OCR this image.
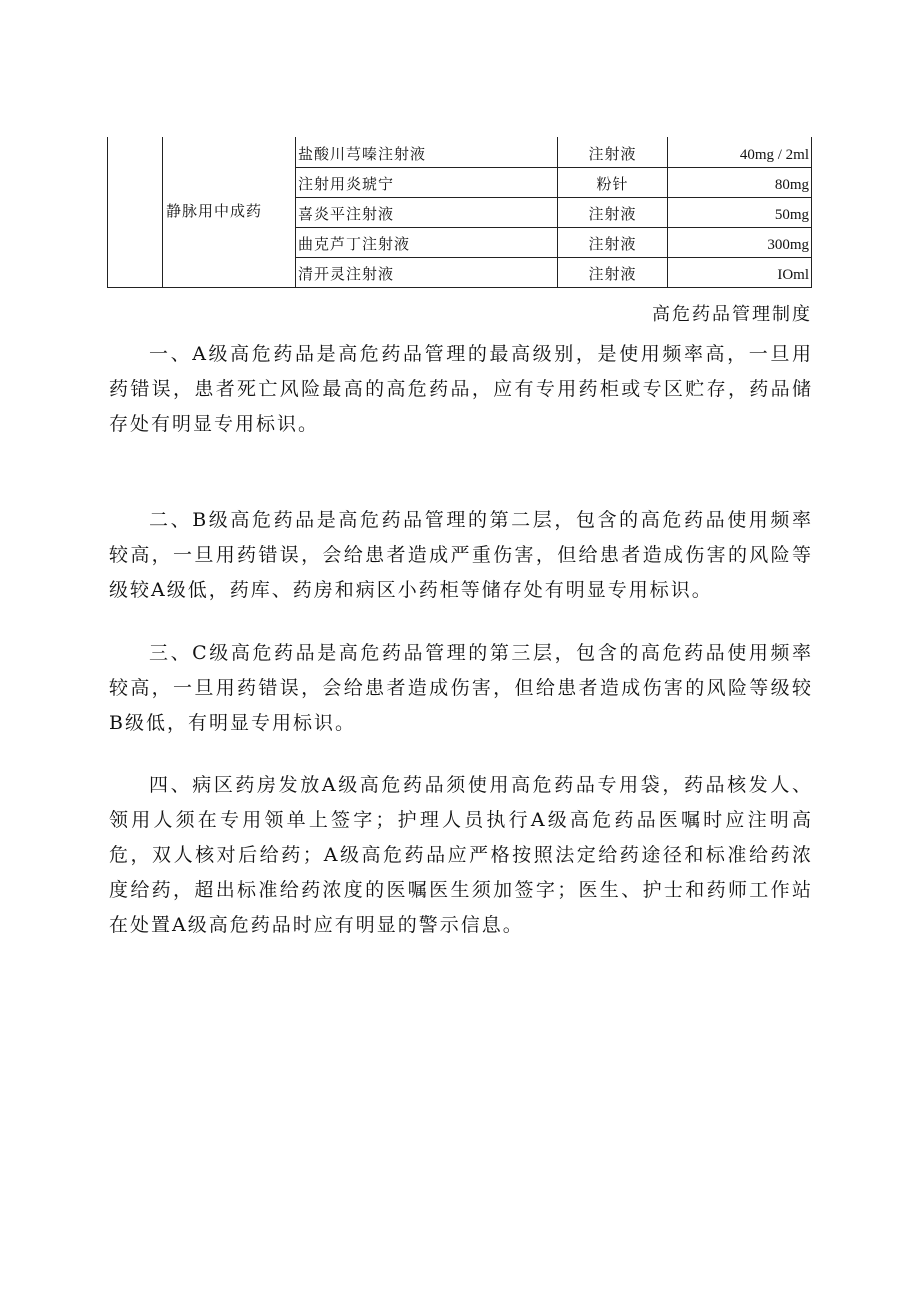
	静脉用中成药	盐酸川芎嗪注射液	注射液	40mg / 2ml
		注射用炎琥宁	粉针	80mg
		喜炎平注射液	注射液	50mg
		曲克芦丁注射液	注射液	300mg
		清开灵注射液	注射液	IOml
高危药品管理制度

一、A级高危药品是高危药品管理的最高级别，是使用频率高，一旦用药错误，患者死亡风险最高的高危药品，应有专用药柜或专区贮存，药品储存处有明显专用标识。

二、B级高危药品是高危药品管理的第二层，包含的高危药品使用频率较高，一旦用药错误，会给患者造成严重伤害，但给患者造成伤害的风险等级较A级低，药库、药房和病区小药柜等储存处有明显专用标识。

三、C级高危药品是高危药品管理的第三层，包含的高危药品使用频率较高，一旦用药错误，会给患者造成伤害，但给患者造成伤害的风险等级较B级低，有明显专用标识。

四、病区药房发放A级高危药品须使用高危药品专用袋，药品核发人、领用人须在专用领单上签字；护理人员执行A级高危药品医嘱时应注明高危，双人核对后给药；A级高危药品应严格按照法定给药途径和标准给药浓度给药，超出标准给药浓度的医嘱医生须加签字；医生、护士和药师工作站在处置A级高危药品时应有明显的警示信息。
